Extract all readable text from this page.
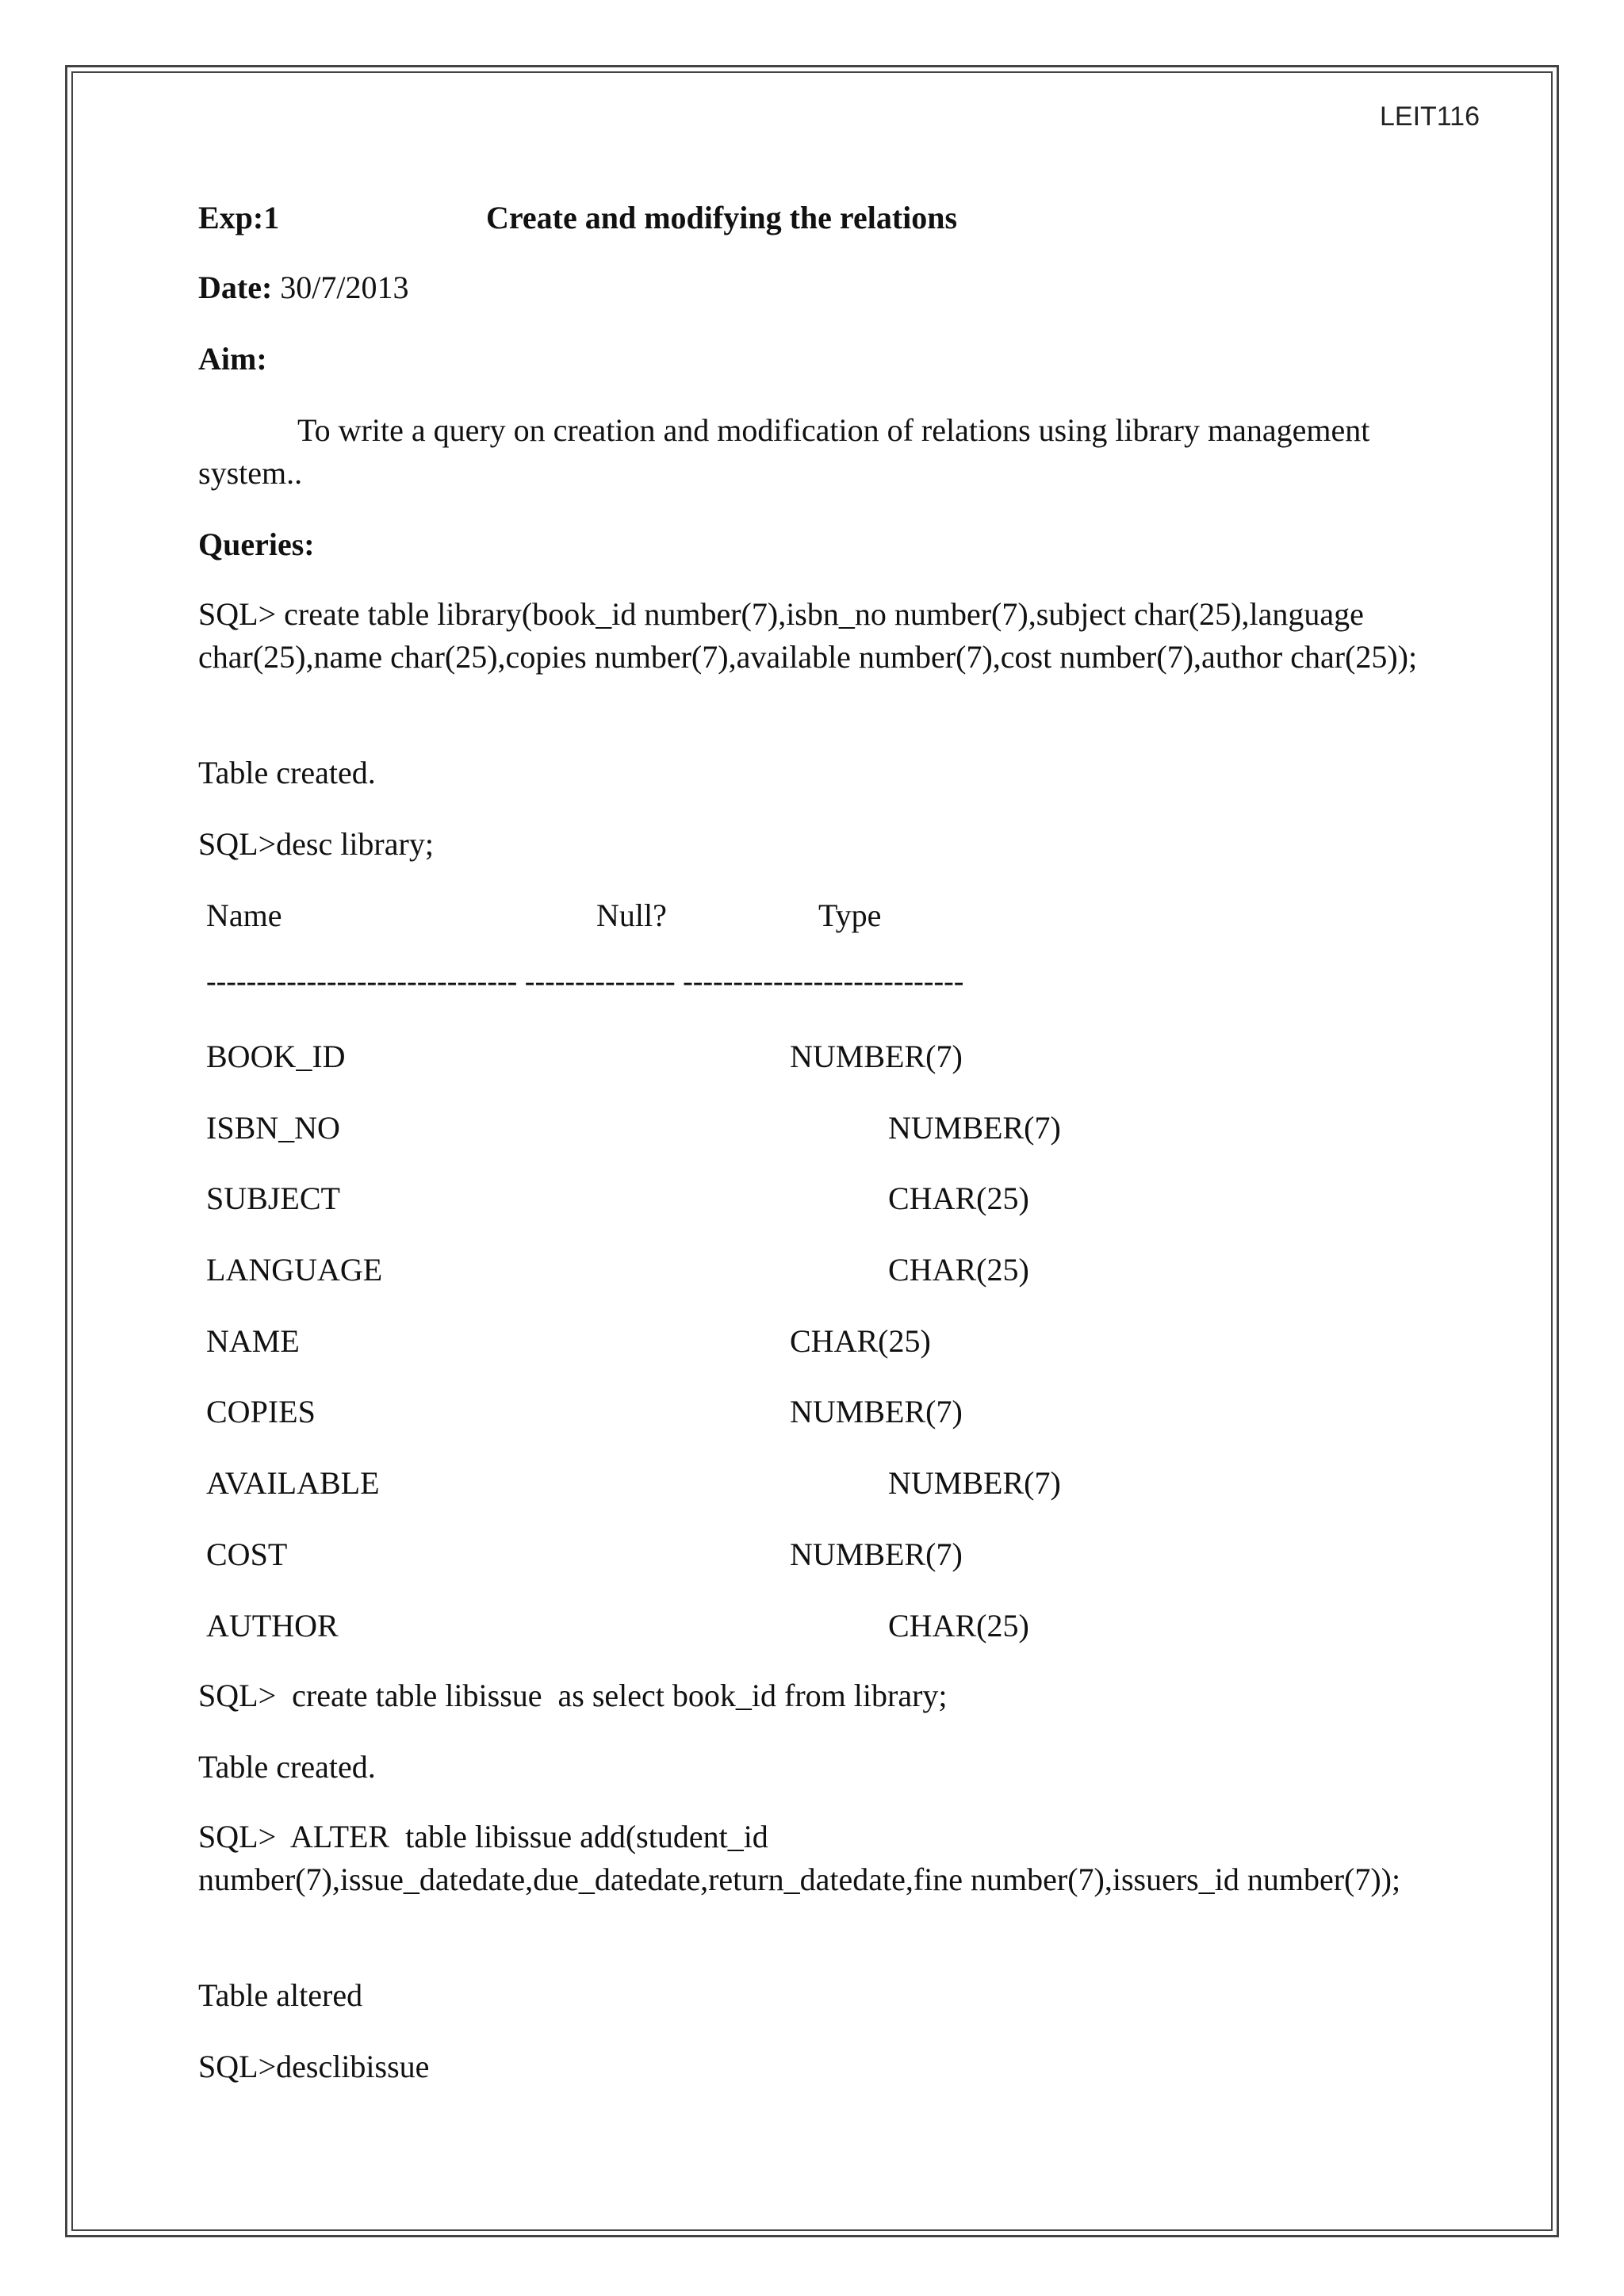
LEIT116
Exp:1	Create and modifying the relations
Date: 30/7/2013
Aim:
To write a query on creation and modification of relations using library management system..
Queries:
SQL> create table library(book_id number(7),isbn_no number(7),subject char(25),language char(25),name char(25),copies number(7),available number(7),cost number(7),author char(25));
Table created.
SQL>desc library;
Name	Null?	Type
------------------------------- --------------- ----------------------------
BOOK_ID	NUMBER(7)
ISBN_NO	NUMBER(7)
SUBJECT	CHAR(25)
LANGUAGE	CHAR(25)
NAME	CHAR(25)
COPIES	NUMBER(7)
AVAILABLE	NUMBER(7)
COST	NUMBER(7)
AUTHOR	CHAR(25)
SQL>  create table libissue  as select book_id from library;
Table created.
SQL>  ALTER  table libissue add(student_id number(7),issue_datedate,due_datedate,return_datedate,fine number(7),issuers_id number(7));
Table altered
SQL>desclibissue
